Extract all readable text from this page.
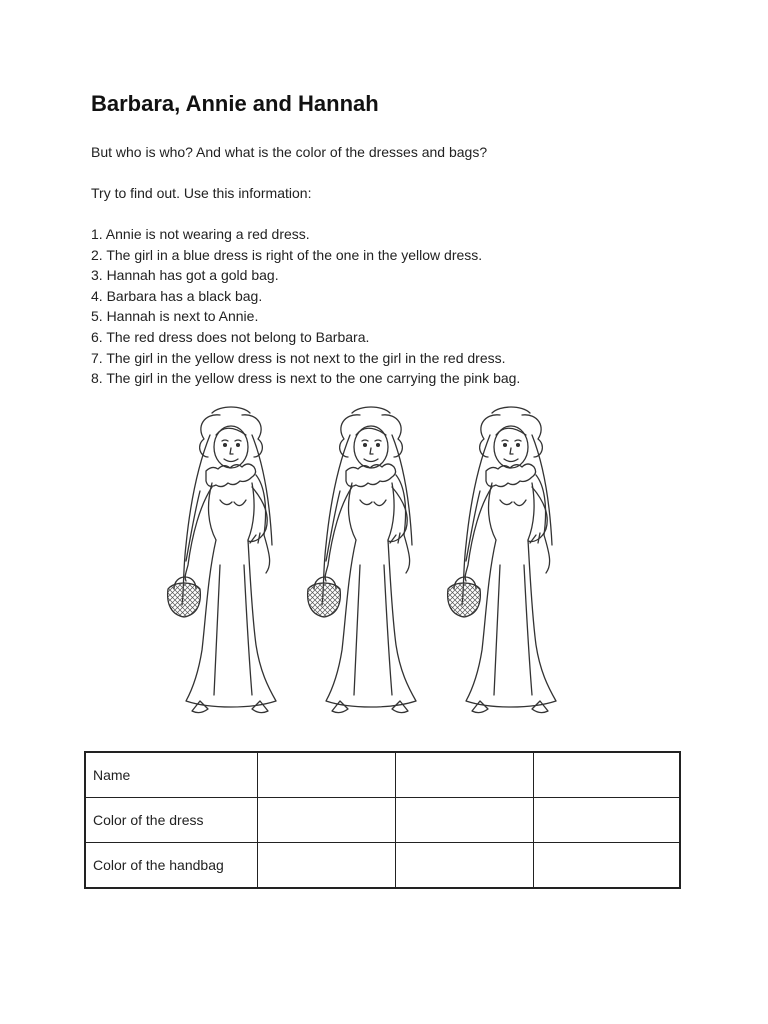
Barbara, Annie and Hannah

But who is who? And what is the color of the dresses and bags?

Try to find out. Use this information:

1. Annie is not wearing a red dress.
2. The girl in a blue dress is right of the one in the yellow dress.
3. Hannah has got a gold bag.
4. Barbara has a black bag.
5. Hannah is next to Annie.
6. The red dress does not belong to Barbara.
7. The girl in the yellow dress is not next to the girl in the red dress.
8. The girl in the yellow dress is next to the one carrying the pink bag.
Name			
Color of the dress			
Color of the handbag			
